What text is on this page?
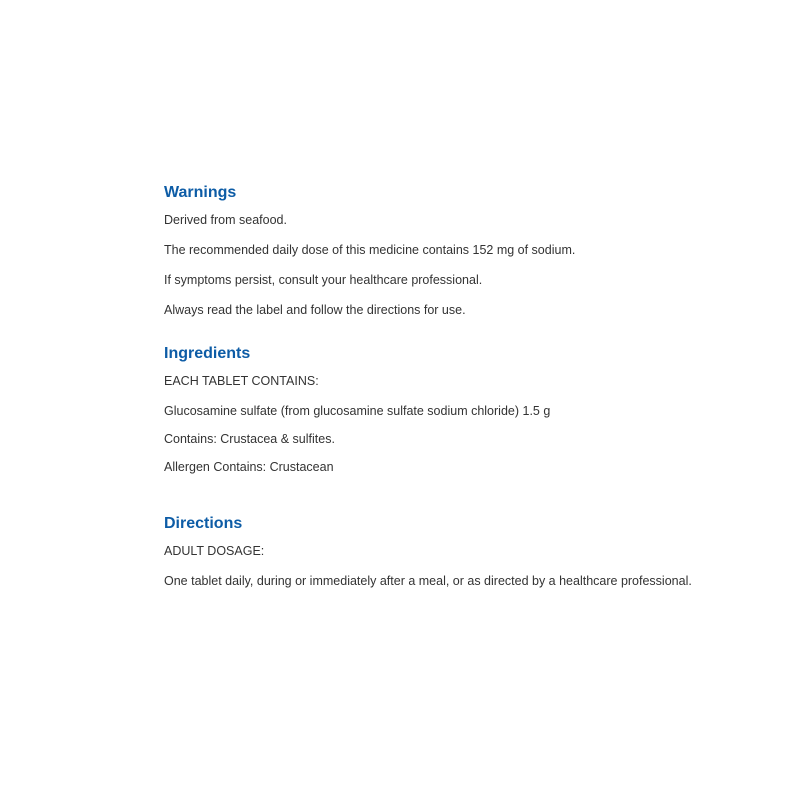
Warnings

Derived from seafood.

The recommended daily dose of this medicine contains 152 mg of sodium.

If symptoms persist, consult your healthcare professional.

Always read the label and follow the directions for use.

Ingredients

EACH TABLET CONTAINS:

Glucosamine sulfate (from glucosamine sulfate sodium chloride) 1.5 g

Contains: Crustacea & sulfites.

Allergen Contains: Crustacean

Directions

ADULT DOSAGE:

One tablet daily, during or immediately after a meal, or as directed by a healthcare professional.
